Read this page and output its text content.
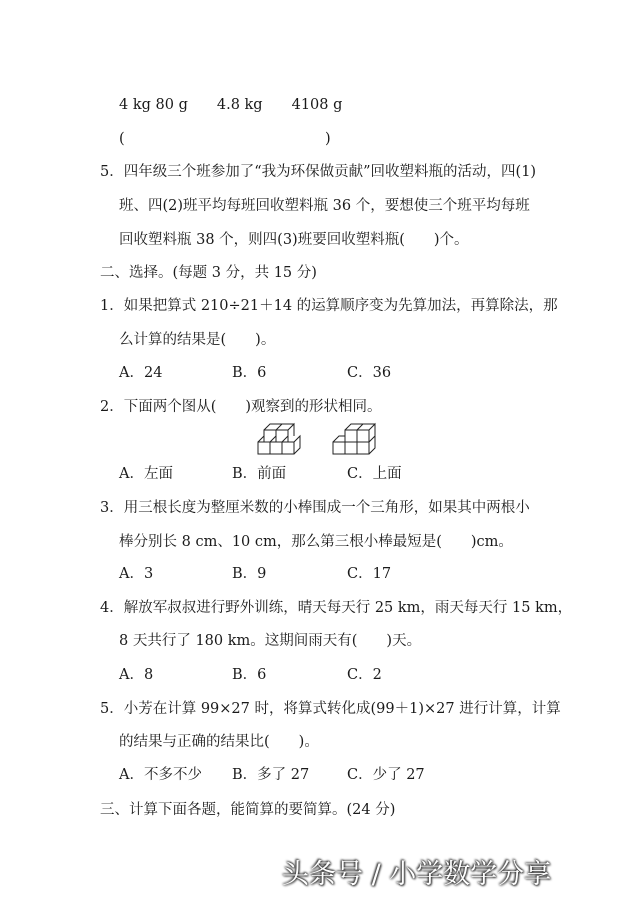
4 kg 80 g　　4.8 kg　　4108 g
(	)
5．四年级三个班参加了“我为环保做贡献”回收塑料瓶的活动，四(1)
班、四(2)班平均每班回收塑料瓶 36 个，要想使三个班平均每班
回收塑料瓶 38 个，则四(3)班要回收塑料瓶(　　)个。
二、选择。(每题 3 分，共 15 分)
1．如果把算式 210÷21＋14 的运算顺序变为先算加法，再算除法，那
么计算的结果是(　　)。
A．24	B．6	C．36
2．下面两个图从(　　)观察到的形状相同。
A．左面	B．前面	C．上面
3．用三根长度为整厘米数的小棒围成一个三角形，如果其中两根小
棒分别长 8 cm、10 cm，那么第三根小棒最短是(　　)cm。
A．3	B．9	C．17
4．解放军叔叔进行野外训练，晴天每天行 25 km，雨天每天行 15 km，
8 天共行了 180 km。这期间雨天有(　　)天。
A．8	B．6	C．2
5．小芳在计算 99×27 时，将算式转化成(99＋1)×27 进行计算，计算
的结果与正确的结果比(　　)。
A．不多不少 B．多了 27	C．少了 27
三、计算下面各题，能简算的要简算。(24 分)
头条号 / 小学数学分享
